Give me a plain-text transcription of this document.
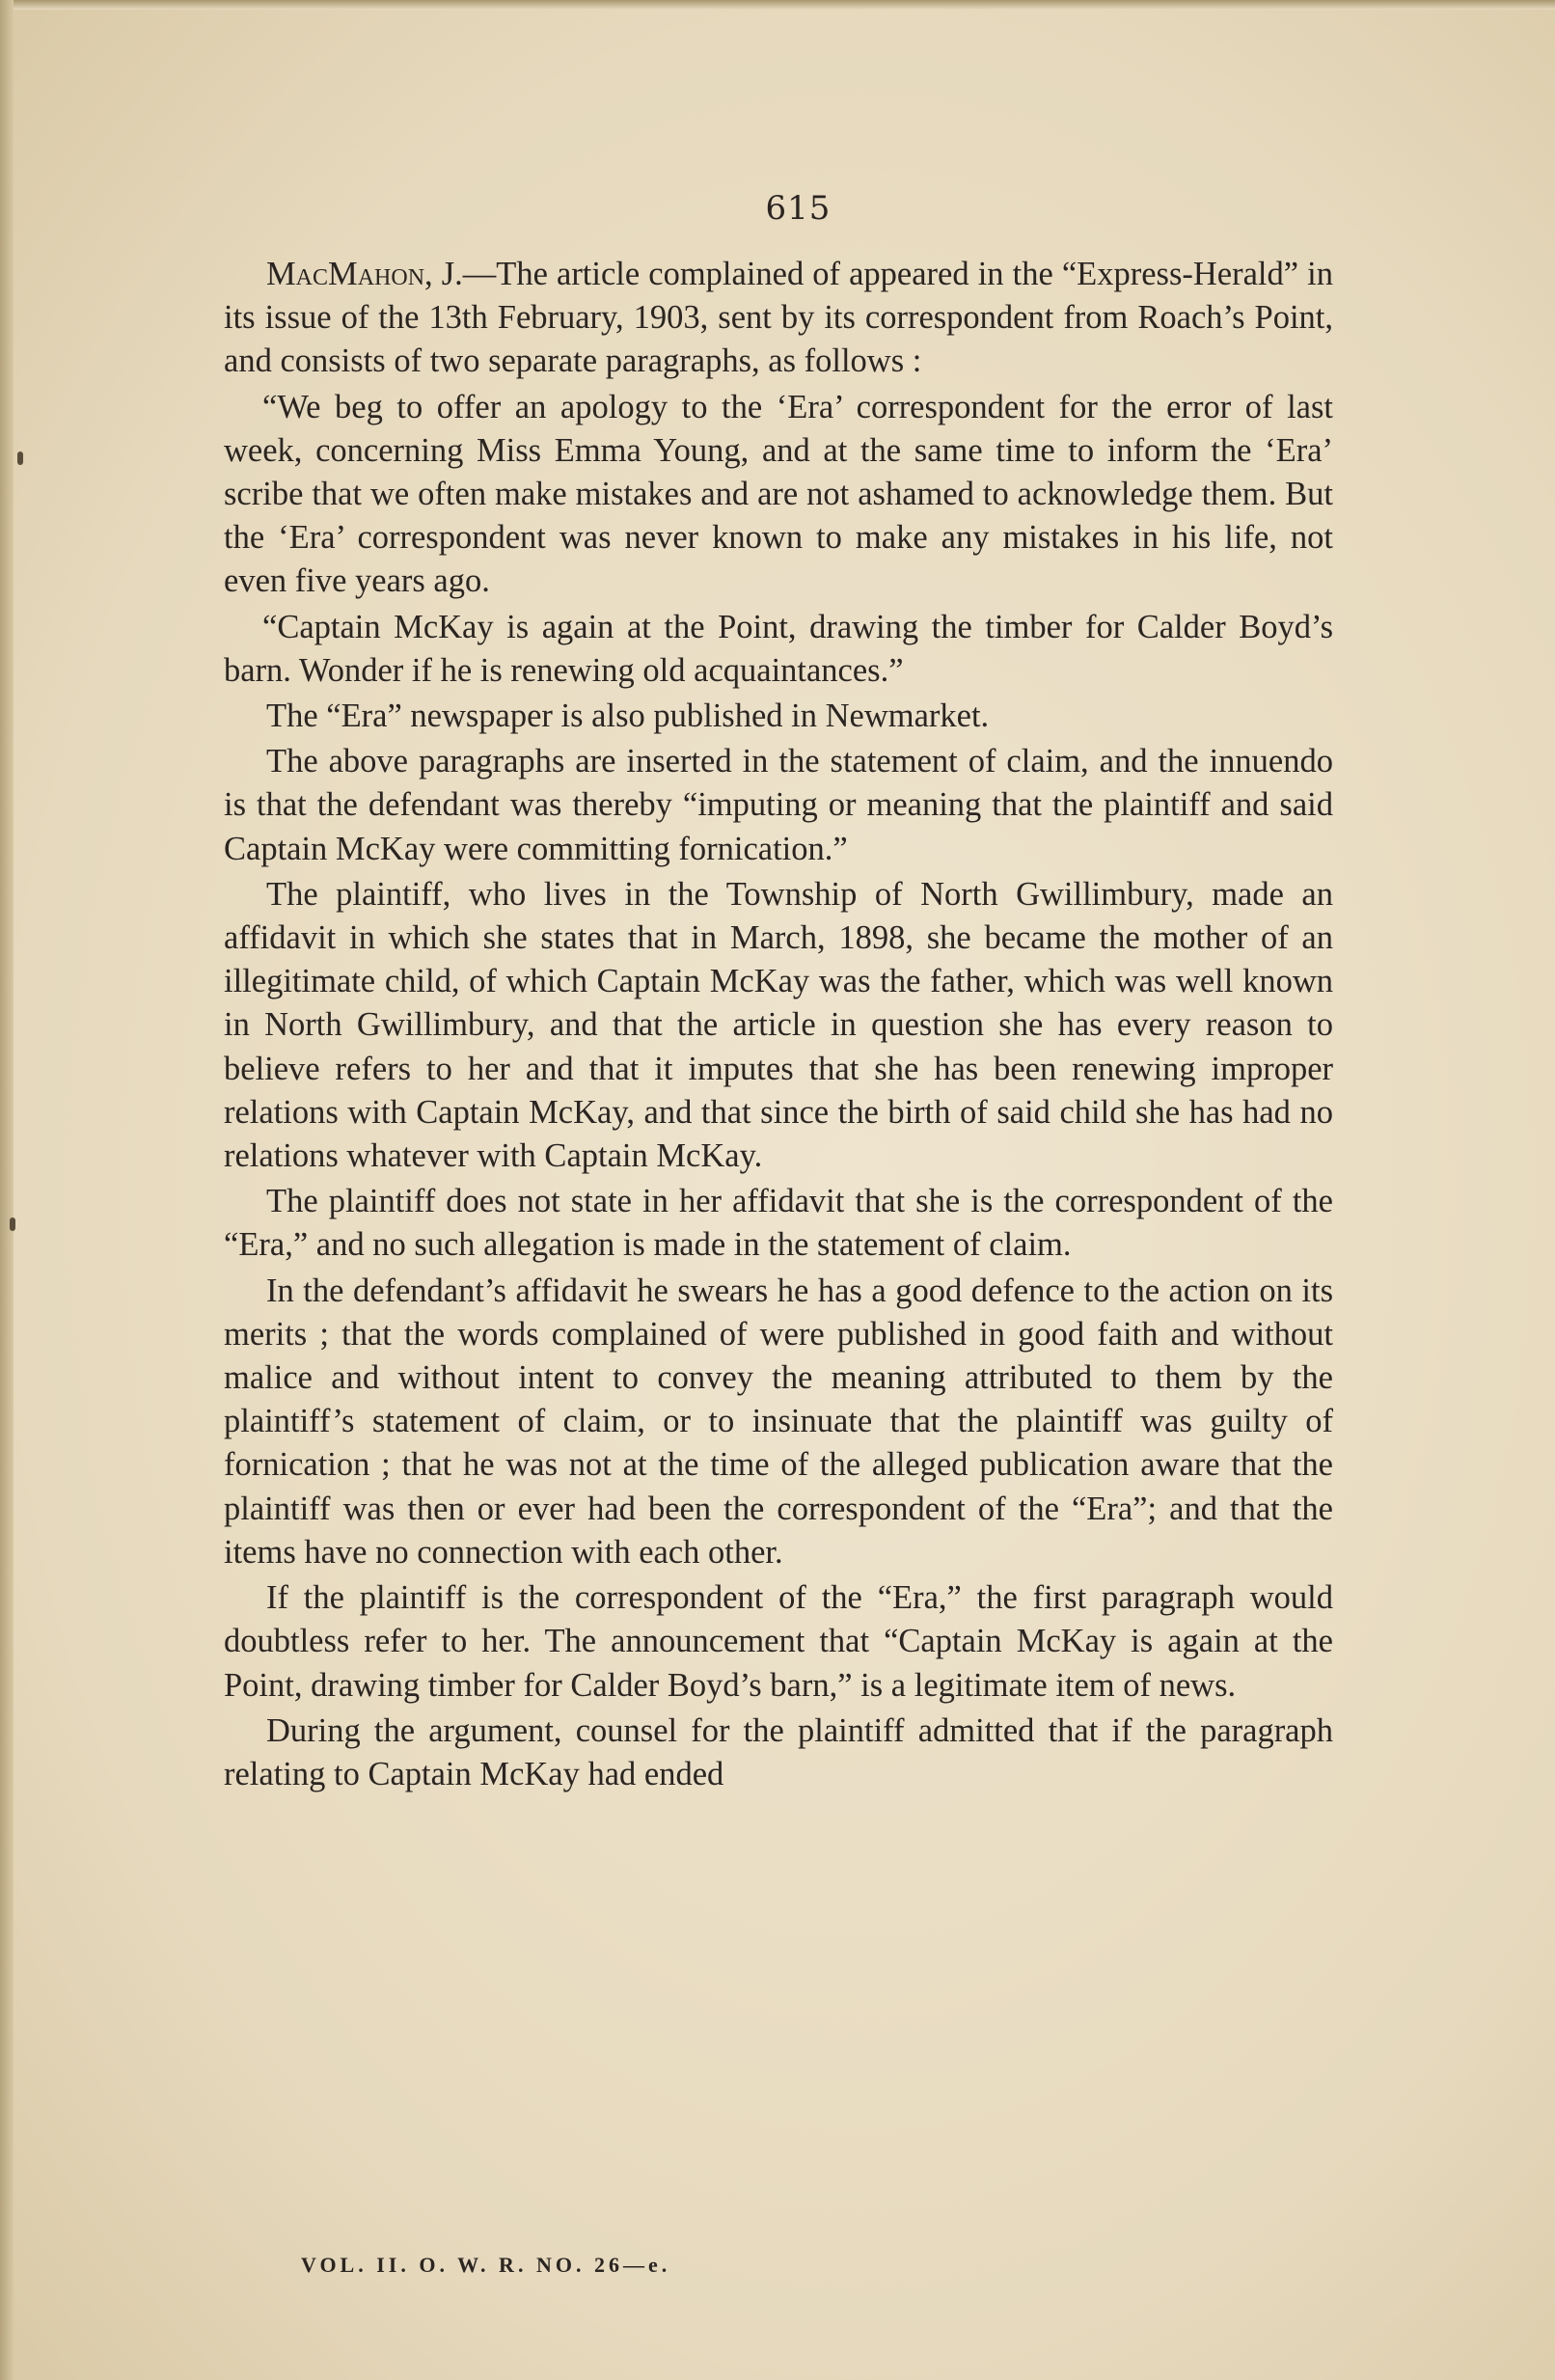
615

MacMahon, J.—The article complained of appeared in the “Express-Herald” in its issue of the 13th February, 1903, sent by its correspondent from Roach’s Point, and consists of two separate paragraphs, as follows :

“We beg to offer an apology to the ‘Era’ correspondent for the error of last week, concerning Miss Emma Young, and at the same time to inform the ‘Era’ scribe that we often make mistakes and are not ashamed to acknowledge them. But the ‘Era’ correspondent was never known to make any mistakes in his life, not even five years ago.

“Captain McKay is again at the Point, drawing the timber for Calder Boyd’s barn. Wonder if he is renewing old acquaintances.”

The “Era” newspaper is also published in Newmarket.

The above paragraphs are inserted in the statement of claim, and the innuendo is that the defendant was thereby “imputing or meaning that the plaintiff and said Captain McKay were committing fornication.”

The plaintiff, who lives in the Township of North Gwillimbury, made an affidavit in which she states that in March, 1898, she became the mother of an illegitimate child, of which Captain McKay was the father, which was well known in North Gwillimbury, and that the article in question she has every reason to believe refers to her and that it imputes that she has been renewing improper relations with Captain McKay, and that since the birth of said child she has had no relations whatever with Captain McKay.

The plaintiff does not state in her affidavit that she is the correspondent of the “Era,” and no such allegation is made in the statement of claim.

In the defendant’s affidavit he swears he has a good defence to the action on its merits ; that the words complained of were published in good faith and without malice and without intent to convey the meaning attributed to them by the plaintiff’s statement of claim, or to insinuate that the plaintiff was guilty of fornication ; that he was not at the time of the alleged publication aware that the plaintiff was then or ever had been the correspondent of the “Era”; and that the items have no connection with each other.

If the plaintiff is the correspondent of the “Era,” the first paragraph would doubtless refer to her. The announcement that “Captain McKay is again at the Point, drawing timber for Calder Boyd’s barn,” is a legitimate item of news.

During the argument, counsel for the plaintiff admitted that if the paragraph relating to Captain McKay had ended

VOL. II. O. W. R. NO. 26—e.
